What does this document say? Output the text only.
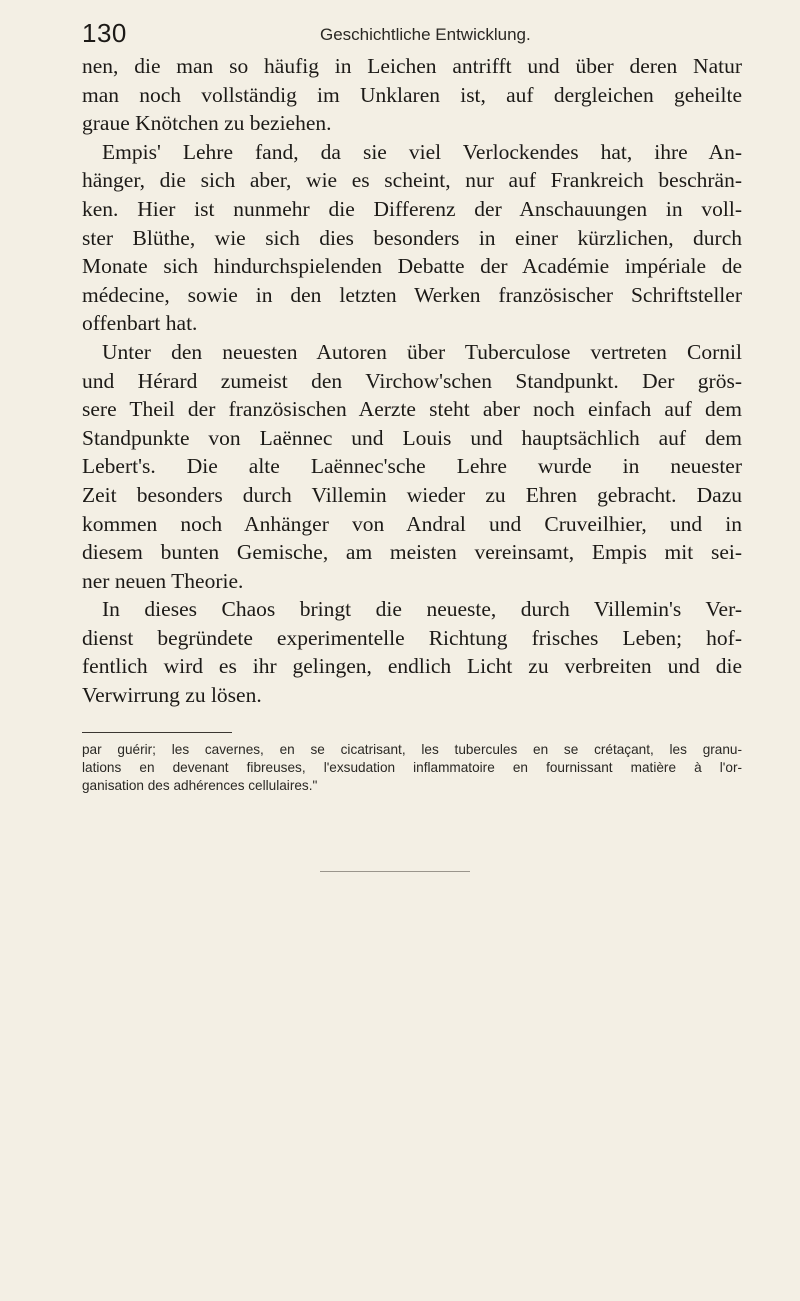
130	Geschichtliche Entwicklung.
nen, die man so häufig in Leichen antrifft und über deren Natur
man noch vollständig im Unklaren ist, auf dergleichen geheilte
graue Knötchen zu beziehen.
Empis' Lehre fand, da sie viel Verlockendes hat, ihre An-
hänger, die sich aber, wie es scheint, nur auf Frankreich beschrän-
ken. Hier ist nunmehr die Differenz der Anschauungen in voll-
ster Blüthe, wie sich dies besonders in einer kürzlichen, durch
Monate sich hindurchspielenden Debatte der Académie impériale de
médecine, sowie in den letzten Werken französischer Schriftsteller
offenbart hat.
Unter den neuesten Autoren über Tuberculose vertreten Cornil
und Hérard zumeist den Virchow'schen Standpunkt. Der grös-
sere Theil der französischen Aerzte steht aber noch einfach auf dem
Standpunkte von Laënnec und Louis und hauptsächlich auf dem
Lebert's. Die alte Laënnec'sche Lehre wurde in neuester
Zeit besonders durch Villemin wieder zu Ehren gebracht. Dazu
kommen noch Anhänger von Andral und Cruveilhier, und in
diesem bunten Gemische, am meisten vereinsamt, Empis mit sei-
ner neuen Theorie.
In dieses Chaos bringt die neueste, durch Villemin's Ver-
dienst begründete experimentelle Richtung frisches Leben; hof-
fentlich wird es ihr gelingen, endlich Licht zu verbreiten und die
Verwirrung zu lösen.
par guérir; les cavernes, en se cicatrisant, les tubercules en se crétaçant, les granu-
lations en devenant fibreuses, l'exsudation inflammatoire en fournissant matière à l'or-
ganisation des adhérences cellulaires."
